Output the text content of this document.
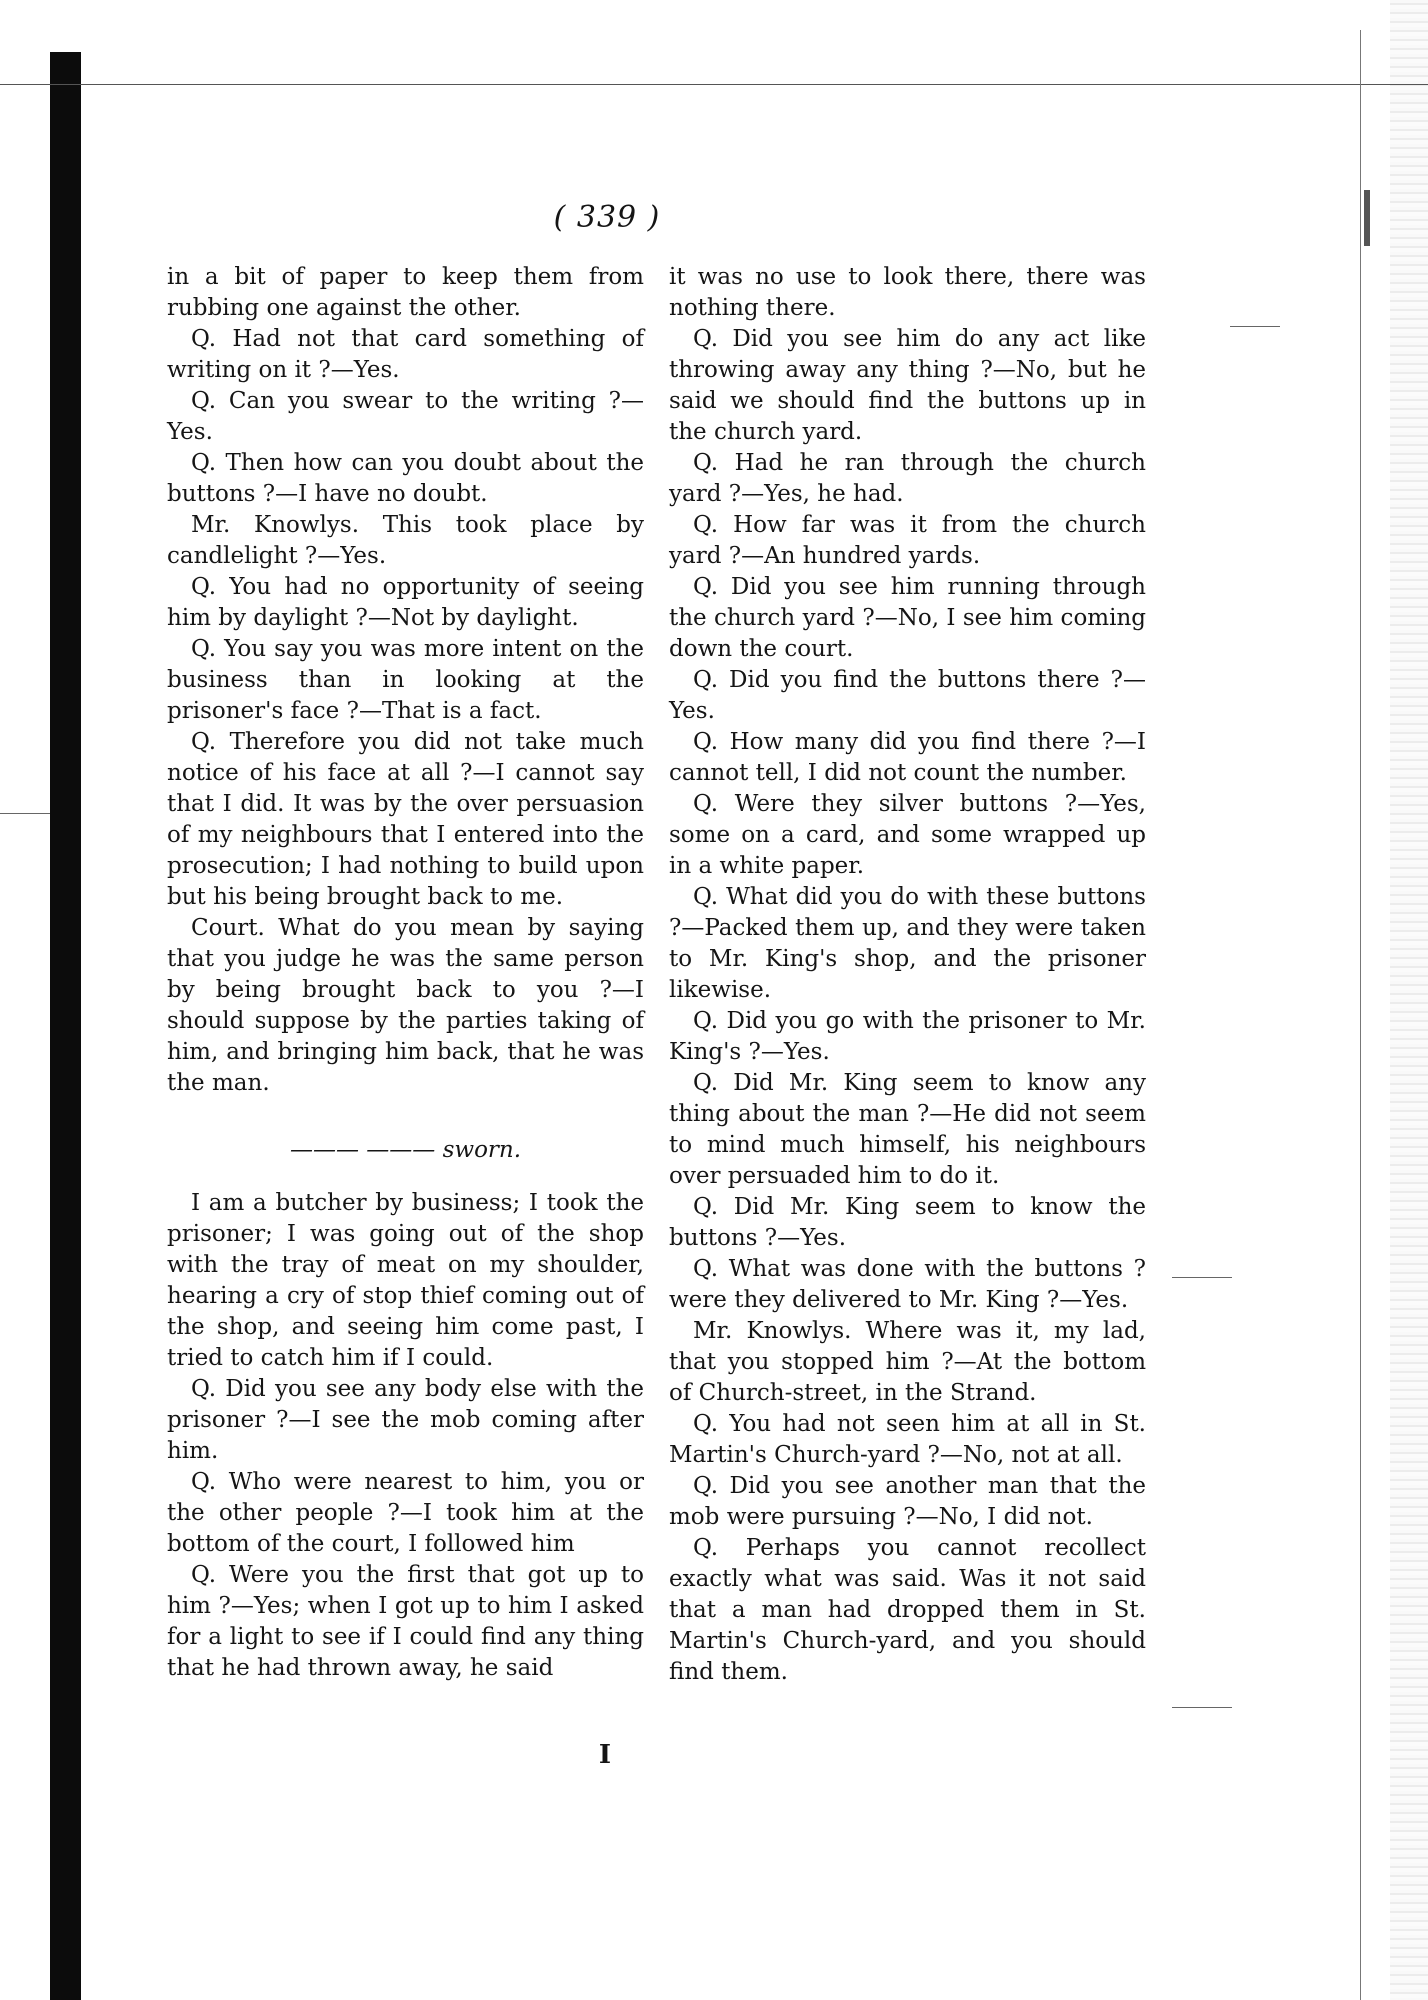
( 339 )

in a bit of paper to keep them from rubbing one against the other.

Q. Had not that card something of writing on it ?—Yes.

Q. Can you swear to the writing ?—Yes.

Q. Then how can you doubt about the buttons ?—I have no doubt.

Mr. Knowlys. This took place by candlelight ?—Yes.

Q. You had no opportunity of seeing him by daylight ?—Not by daylight.

Q. You say you was more intent on the business than in looking at the prisoner's face ?—That is a fact.

Q. Therefore you did not take much notice of his face at all ?—I cannot say that I did. It was by the over persuasion of my neighbours that I entered into the prosecution; I had nothing to build upon but his being brought back to me.

Court. What do you mean by saying that you judge he was the same person by being brought back to you ?—I should suppose by the parties taking of him, and bringing him back, that he was the man.

——— ——— sworn.

I am a butcher by business; I took the prisoner; I was going out of the shop with the tray of meat on my shoulder, hearing a cry of stop thief coming out of the shop, and seeing him come past, I tried to catch him if I could.

Q. Did you see any body else with the prisoner ?—I see the mob coming after him.

Q. Who were nearest to him, you or the other people ?—I took him at the bottom of the court, I followed him

Q. Were you the first that got up to him ?—Yes; when I got up to him I asked for a light to see if I could find any thing that he had thrown away, he said

it was no use to look there, there was nothing there.

Q. Did you see him do any act like throwing away any thing ?—No, but he said we should find the buttons up in the church yard.

Q. Had he ran through the church yard ?—Yes, he had.

Q. How far was it from the church yard ?—An hundred yards.

Q. Did you see him running through the church yard ?—No, I see him coming down the court.

Q. Did you find the buttons there ?—Yes.

Q. How many did you find there ?—I cannot tell, I did not count the number.

Q. Were they silver buttons ?—Yes, some on a card, and some wrapped up in a white paper.

Q. What did you do with these buttons ?—Packed them up, and they were taken to Mr. King's shop, and the prisoner likewise.

Q. Did you go with the prisoner to Mr. King's ?—Yes.

Q. Did Mr. King seem to know any thing about the man ?—He did not seem to mind much himself, his neighbours over persuaded him to do it.

Q. Did Mr. King seem to know the buttons ?—Yes.

Q. What was done with the buttons ? were they delivered to Mr. King ?—Yes.

Mr. Knowlys. Where was it, my lad, that you stopped him ?—At the bottom of Church-street, in the Strand.

Q. You had not seen him at all in St. Martin's Church-yard ?—No, not at all.

Q. Did you see another man that the mob were pursuing ?—No, I did not.

Q. Perhaps you cannot recollect exactly what was said. Was it not said that a man had dropped them in St. Martin's Church-yard, and you should find them.

I
